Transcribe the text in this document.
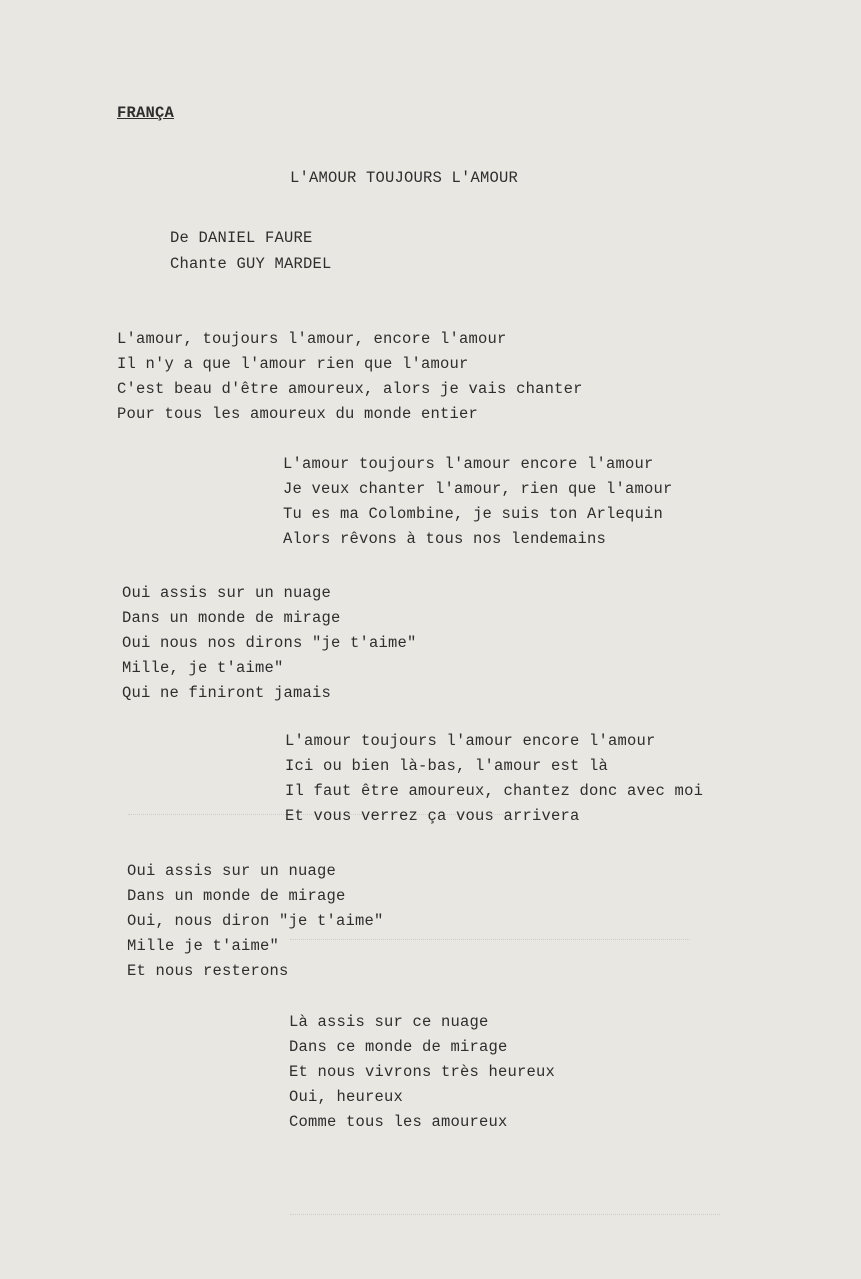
FRANÇA
L'AMOUR TOUJOURS L'AMOUR
De DANIEL FAURE
Chante GUY MARDEL
L'amour, toujours l'amour, encore l'amour
Il n'y a que l'amour rien que l'amour
C'est beau d'être amoureux, alors je vais chanter
Pour tous les amoureux du monde entier
L'amour toujours l'amour encore l'amour
Je veux chanter l'amour, rien que l'amour
Tu es ma Colombine, je suis ton Arlequin
Alors rêvons à tous nos lendemains
Oui assis sur un nuage
Dans un monde de mirage
Oui nous nos dirons "je t'aime"
Mille, je t'aime"
Qui ne finiront jamais
L'amour toujours l'amour encore l'amour
Ici ou bien là-bas, l'amour est là
Il faut être amoureux, chantez donc avec moi
Et vous verrez ça vous arrivera
Oui assis sur un nuage
Dans un monde de mirage
Oui, nous diron "je t'aime"
Mille je t'aime"
Et nous resterons
Là assis sur ce nuage
Dans ce monde de mirage
Et nous vivrons très heureux
Oui, heureux
Comme tous les amoureux
